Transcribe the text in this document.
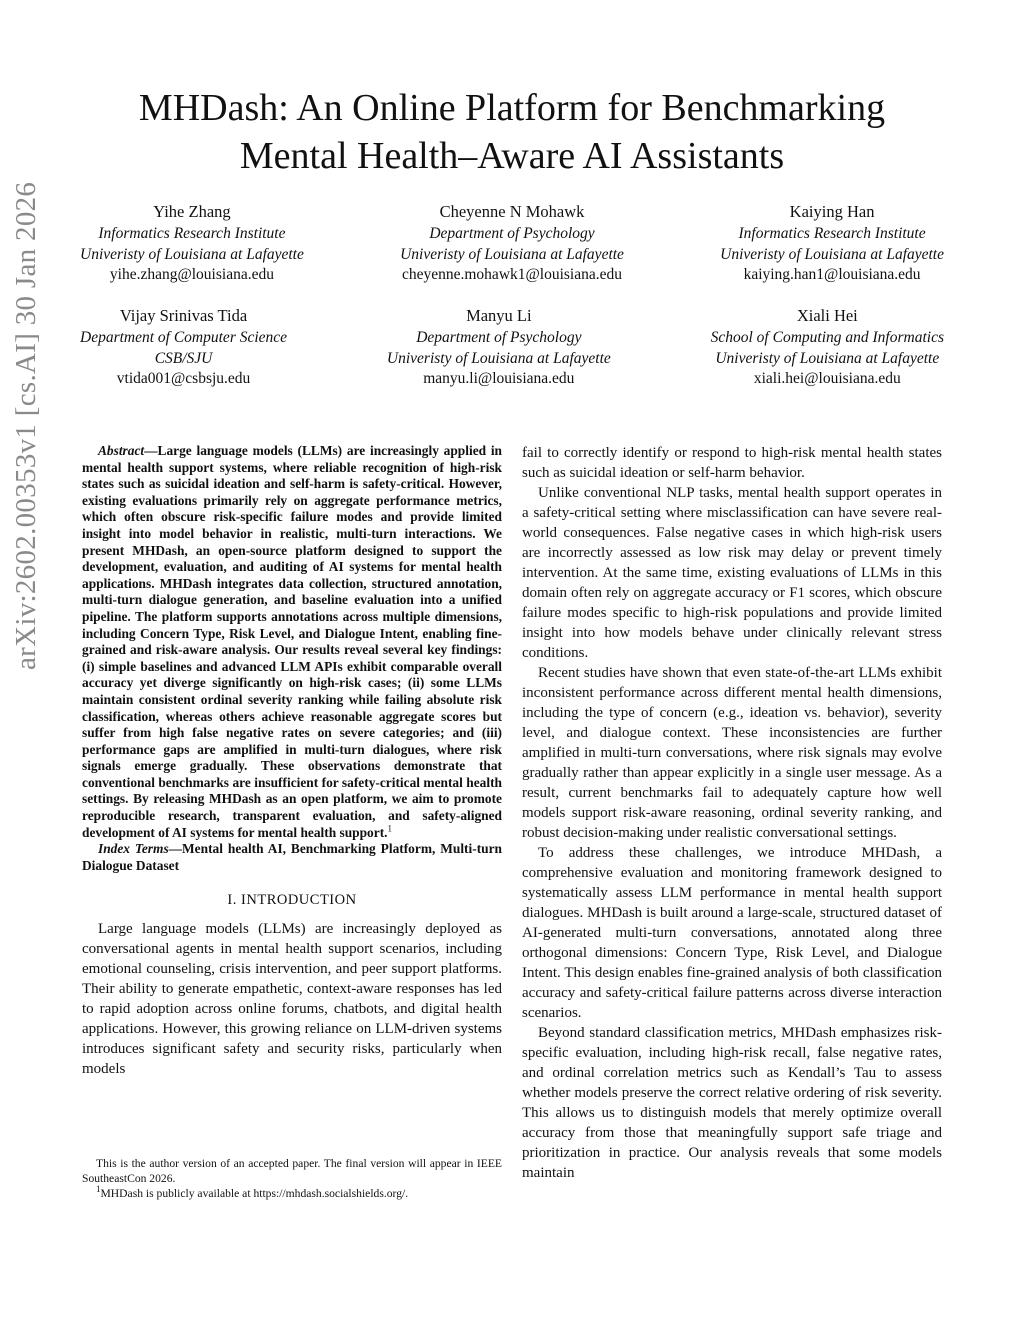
arXiv:2602.00353v1 [cs.AI] 30 Jan 2026
MHDash: An Online Platform for Benchmarking
Mental Health–Aware AI Assistants
Yihe Zhang
Informatics Research Institute
Univeristy of Louisiana at Lafayette
yihe.zhang@louisiana.edu
Cheyenne N Mohawk
Department of Psychology
Univeristy of Louisiana at Lafayette
cheyenne.mohawk1@louisiana.edu
Kaiying Han
Informatics Research Institute
Univeristy of Louisiana at Lafayette
kaiying.han1@louisiana.edu
Vijay Srinivas Tida
Department of Computer Science
CSB/SJU
vtida001@csbsju.edu
Manyu Li
Department of Psychology
Univeristy of Louisiana at Lafayette
manyu.li@louisiana.edu
Xiali Hei
School of Computing and Informatics
Univeristy of Louisiana at Lafayette
xiali.hei@louisiana.edu

Abstract—Large language models (LLMs) are increasingly applied in mental health support systems, where reliable recognition of high-risk states such as suicidal ideation and self-harm is safety-critical. However, existing evaluations primarily rely on aggregate performance metrics, which often obscure risk-specific failure modes and provide limited insight into model behavior in realistic, multi-turn interactions. We present MHDash, an open-source platform designed to support the development, evaluation, and auditing of AI systems for mental health applications. MHDash integrates data collection, structured annotation, multi-turn dialogue generation, and baseline evaluation into a unified pipeline. The platform supports annotations across multiple dimensions, including Concern Type, Risk Level, and Dialogue Intent, enabling fine-grained and risk-aware analysis. Our results reveal several key findings: (i) simple baselines and advanced LLM APIs exhibit comparable overall accuracy yet diverge significantly on high-risk cases; (ii) some LLMs maintain consistent ordinal severity ranking while failing absolute risk classification, whereas others achieve reasonable aggregate scores but suffer from high false negative rates on severe categories; and (iii) performance gaps are amplified in multi-turn dialogues, where risk signals emerge gradually. These observations demonstrate that conventional benchmarks are insufficient for safety-critical mental health settings. By releasing MHDash as an open platform, we aim to promote reproducible research, transparent evaluation, and safety-aligned development of AI systems for mental health support.$^1$

Index Terms—Mental health AI, Benchmarking Platform, Multi-turn Dialogue Dataset

I. INTRODUCTION

Large language models (LLMs) are increasingly deployed as conversational agents in mental health support scenarios, including emotional counseling, crisis intervention, and peer support platforms. Their ability to generate empathetic, context-aware responses has led to rapid adoption across online forums, chatbots, and digital health applications. However, this growing reliance on LLM-driven systems introduces significant safety and security risks, particularly when models

fail to correctly identify or respond to high-risk mental health states such as suicidal ideation or self-harm behavior.

Unlike conventional NLP tasks, mental health support operates in a safety-critical setting where misclassification can have severe real-world consequences. False negative cases in which high-risk users are incorrectly assessed as low risk may delay or prevent timely intervention. At the same time, existing evaluations of LLMs in this domain often rely on aggregate accuracy or F1 scores, which obscure failure modes specific to high-risk populations and provide limited insight into how models behave under clinically relevant stress conditions.

Recent studies have shown that even state-of-the-art LLMs exhibit inconsistent performance across different mental health dimensions, including the type of concern (e.g., ideation vs. behavior), severity level, and dialogue context. These inconsistencies are further amplified in multi-turn conversations, where risk signals may evolve gradually rather than appear explicitly in a single user message. As a result, current benchmarks fail to adequately capture how well models support risk-aware reasoning, ordinal severity ranking, and robust decision-making under realistic conversational settings.

To address these challenges, we introduce MHDash, a comprehensive evaluation and monitoring framework designed to systematically assess LLM performance in mental health support dialogues. MHDash is built around a large-scale, structured dataset of AI-generated multi-turn conversations, annotated along three orthogonal dimensions: Concern Type, Risk Level, and Dialogue Intent. This design enables fine-grained analysis of both classification accuracy and safety-critical failure patterns across diverse interaction scenarios.

Beyond standard classification metrics, MHDash emphasizes risk-specific evaluation, including high-risk recall, false negative rates, and ordinal correlation metrics such as Kendall’s Tau to assess whether models preserve the correct relative ordering of risk severity. This allows us to distinguish models that merely optimize overall accuracy from those that meaningfully support safe triage and prioritization in practice. Our analysis reveals that some models maintain

This is the author version of an accepted paper. The final version will appear in IEEE SoutheastCon 2026.

$^1$MHDash is publicly available at https://mhdash.socialshields.org/.
